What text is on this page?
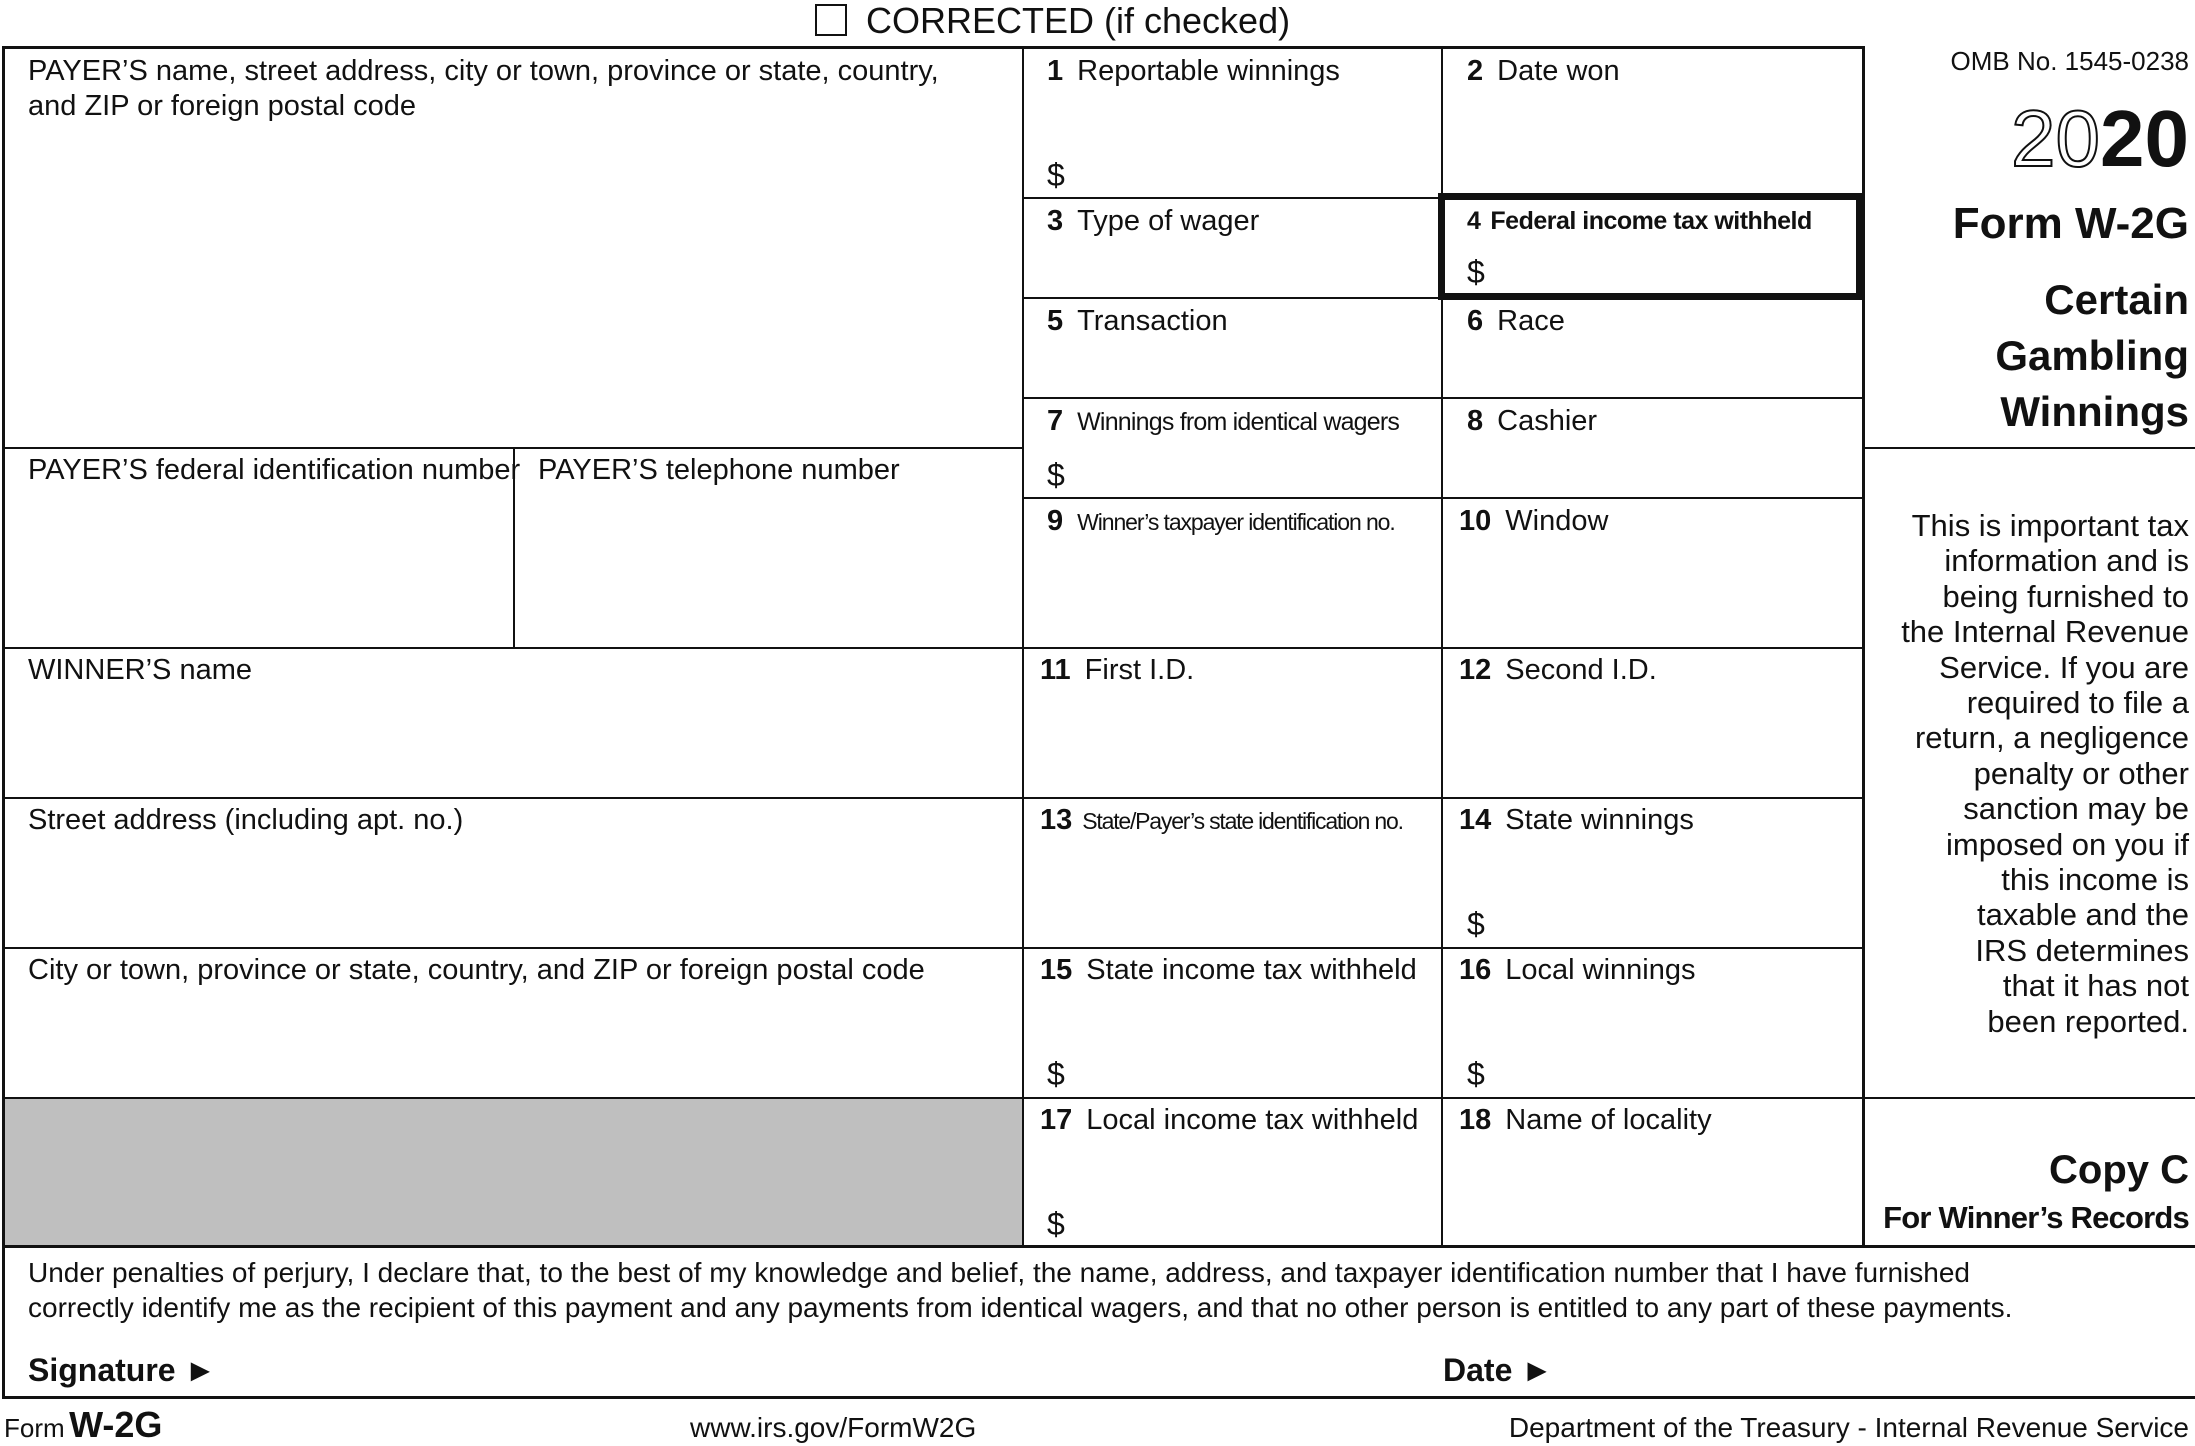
CORRECTED (if checked)
PAYER’S name, street address, city or town, province or state, country,
and ZIP or foreign postal code
PAYER’S federal identification number PAYER’S telephone number
WINNER’S name
Street address (including apt. no.)
City or town, province or state, country, and ZIP or foreign postal code
1 Reportable winnings
$
2 Date won
3 Type of wager	4 Federal income tax withheld
$
5 Transaction	6 Race
7 Winnings from identical wagers
$
8 Cashier
9 Winner’s taxpayer identification no. 10 Window
11 First I.D.	12 Second I.D.
13 State/Payer’s state identification no. 14 State winnings
$
15 State income tax withheld
$
16 Local winnings
$
17 Local income tax withheld
$
18 Name of locality
OMB No. 1545-0238
2020
Form W-2G
Certain
Gambling
Winnings
This is important tax
information and is
being furnished to
the Internal Revenue
Service. If you are
required to file a
return, a negligence
penalty or other
sanction may be
imposed on you if
this income is
taxable and the
IRS determines
that it has not
been reported.
Copy C
For Winner’s Records
Under penalties of perjury, I declare that, to the best of my knowledge and belief, the name, address, and taxpayer identification number that I have furnished
correctly identify me as the recipient of this payment and any payments from identical wagers, and that no other person is entitled to any part of these payments.
Signature ►	Date ►
Form W-2G	www.irs.gov/FormW2G	Department of the Treasury - Internal Revenue Service
